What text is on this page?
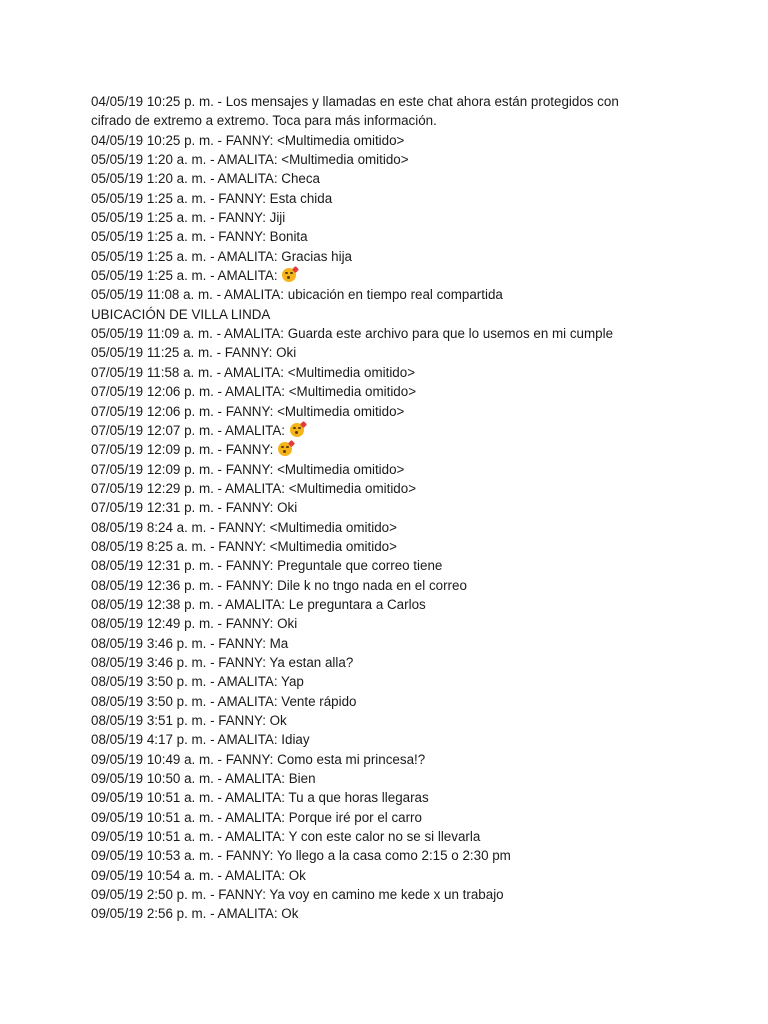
04/05/19 10:25 p. m. - Los mensajes y llamadas en este chat ahora están protegidos con
cifrado de extremo a extremo. Toca para más información.
04/05/19 10:25 p. m. - FANNY: <Multimedia omitido>
05/05/19 1:20 a. m. - AMALITA: <Multimedia omitido>
05/05/19 1:20 a. m. - AMALITA: Checa
05/05/19 1:25 a. m. - FANNY: Esta chida
05/05/19 1:25 a. m. - FANNY: Jiji
05/05/19 1:25 a. m. - FANNY: Bonita
05/05/19 1:25 a. m. - AMALITA: Gracias hija
05/05/19 1:25 a. m. - AMALITA:
05/05/19 11:08 a. m. - AMALITA: ubicación en tiempo real compartida
UBICACIÓN DE VILLA LINDA
05/05/19 11:09 a. m. - AMALITA: Guarda este archivo para que lo usemos en mi cumple
05/05/19 11:25 a. m. - FANNY: Oki
07/05/19 11:58 a. m. - AMALITA: <Multimedia omitido>
07/05/19 12:06 p. m. - AMALITA: <Multimedia omitido>
07/05/19 12:06 p. m. - FANNY: <Multimedia omitido>
07/05/19 12:07 p. m. - AMALITA:
07/05/19 12:09 p. m. - FANNY:
07/05/19 12:09 p. m. - FANNY: <Multimedia omitido>
07/05/19 12:29 p. m. - AMALITA: <Multimedia omitido>
07/05/19 12:31 p. m. - FANNY: Oki
08/05/19 8:24 a. m. - FANNY: <Multimedia omitido>
08/05/19 8:25 a. m. - FANNY: <Multimedia omitido>
08/05/19 12:31 p. m. - FANNY: Preguntale que correo tiene
08/05/19 12:36 p. m. - FANNY: Dile k no tngo nada en el correo
08/05/19 12:38 p. m. - AMALITA: Le preguntara a Carlos
08/05/19 12:49 p. m. - FANNY: Oki
08/05/19 3:46 p. m. - FANNY: Ma
08/05/19 3:46 p. m. - FANNY: Ya estan alla?
08/05/19 3:50 p. m. - AMALITA: Yap
08/05/19 3:50 p. m. - AMALITA: Vente rápido
08/05/19 3:51 p. m. - FANNY: Ok
08/05/19 4:17 p. m. - AMALITA: Idiay
09/05/19 10:49 a. m. - FANNY: Como esta mi princesa!?
09/05/19 10:50 a. m. - AMALITA: Bien
09/05/19 10:51 a. m. - AMALITA: Tu a que horas llegaras
09/05/19 10:51 a. m. - AMALITA: Porque iré por el carro
09/05/19 10:51 a. m. - AMALITA: Y con este calor no se si llevarla
09/05/19 10:53 a. m. - FANNY: Yo llego a la casa como 2:15 o 2:30 pm
09/05/19 10:54 a. m. - AMALITA: Ok
09/05/19 2:50 p. m. - FANNY: Ya voy en camino me kede x un trabajo
09/05/19 2:56 p. m. - AMALITA: Ok
